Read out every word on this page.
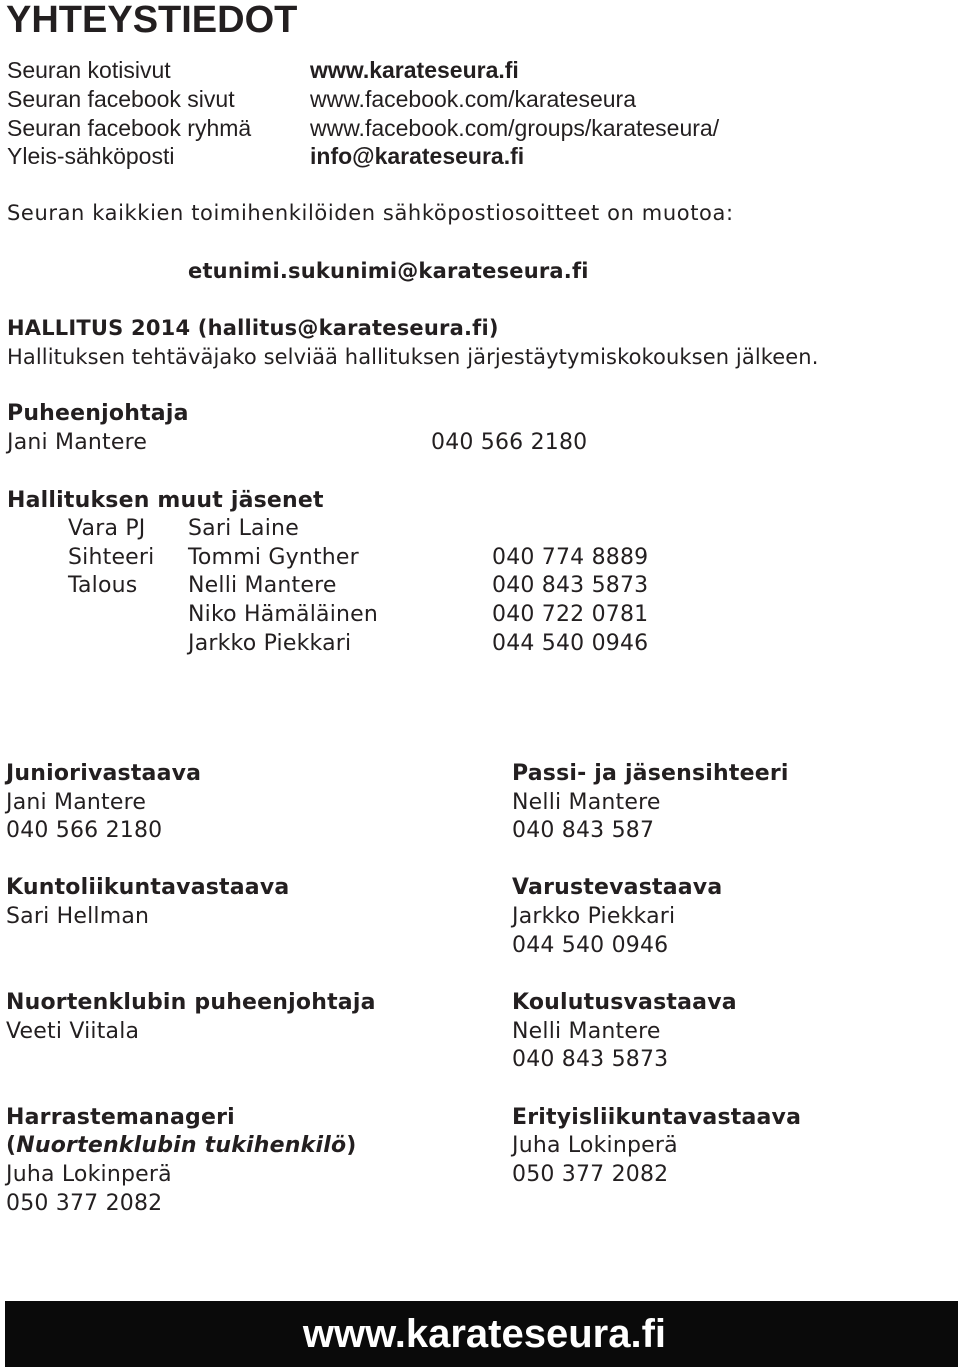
YHTEYSTIEDOT
Seuran kotisivut	www.karateseura.fi
Seuran facebook sivut	www.facebook.com/karateseura
Seuran facebook ryhmä	www.facebook.com/groups/karateseura/
Yleis-sähköposti	info@karateseura.fi
Seuran kaikkien toimihenkilöiden sähköpostiosoitteet on muotoa:
etunimi.sukunimi@karateseura.fi
HALLITUS 2014 (hallitus@karateseura.fi)
Hallituksen tehtäväjako selviää hallituksen järjestäytymiskokouksen jälkeen.
Puheenjohtaja
Jani Mantere	040 566 2180
Hallituksen muut jäsenet
Vara PJ Sari Laine
Sihteeri Tommi Gynther	040 774 8889
Talous Nelli Mantere	040 843 5873
Niko Hämäläinen	040 722 0781
Jarkko Piekkari	044 540 0946
Juniorivastaava
Jani Mantere
040 566 2180
Kuntoliikuntavastaava
Sari Hellman
Nuortenklubin puheenjohtaja
Veeti Viitala
Harrastemanageri
(Nuortenklubin tukihenkilö)
Juha Lokinperä
050 377 2082
Passi- ja jäsensihteeri
Nelli Mantere
040 843 587
Varustevastaava
Jarkko Piekkari
044 540 0946
Koulutusvastaava
Nelli Mantere
040 843 5873
Erityisliikuntavastaava
Juha Lokinperä
050 377 2082
www.karateseura.fi
